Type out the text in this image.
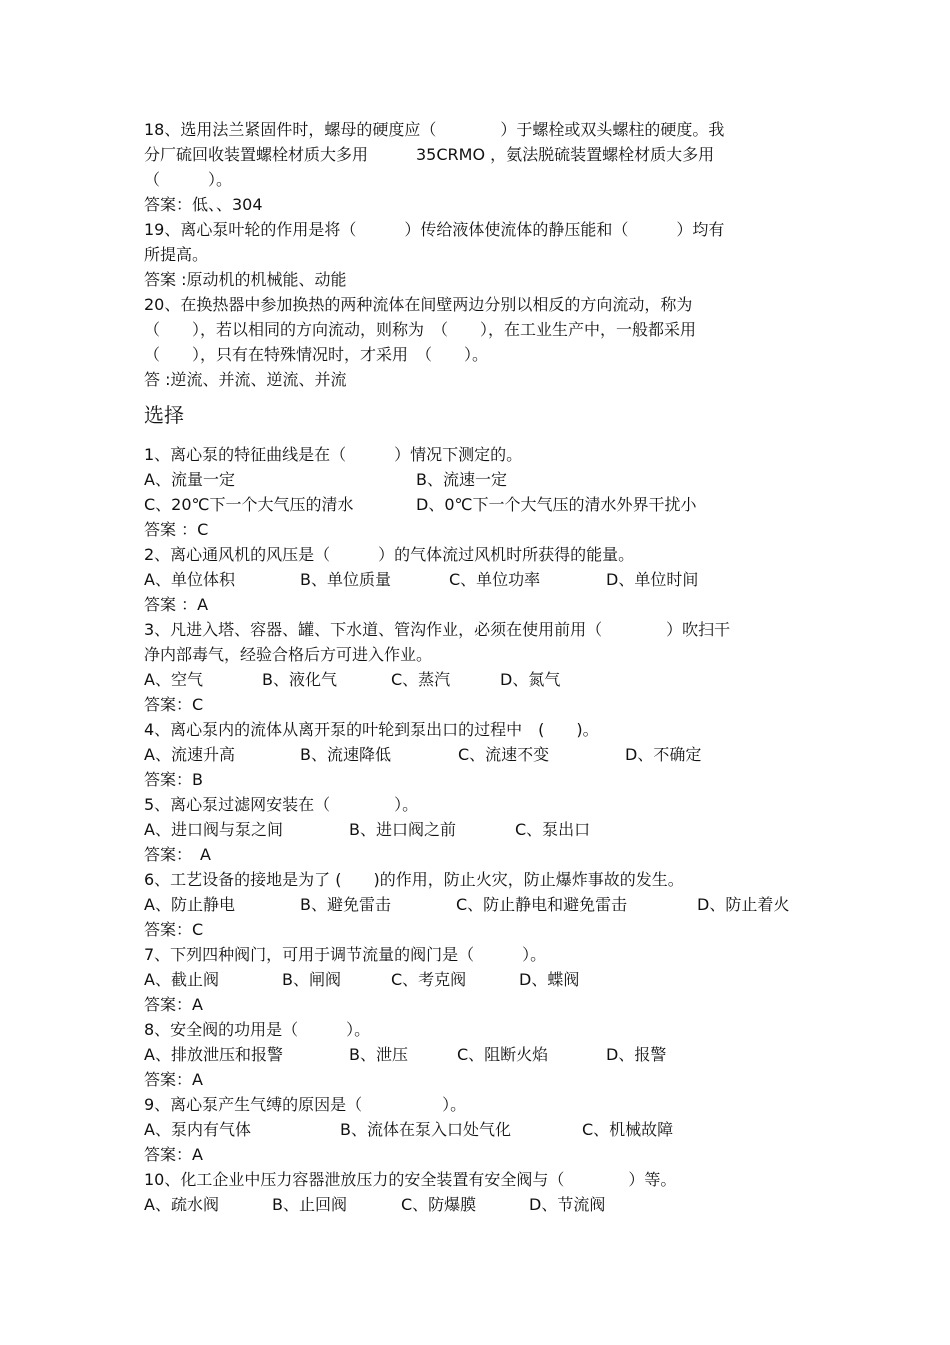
18、选用法兰紧固件时，螺母的硬度应（　　　　）于螺栓或双头螺柱的硬度。我
分厂硫回收装置螺栓材质大多用　　　35CRMO ，氨法脱硫装置螺栓材质大多用
（　　　）。
答案：低、、304
19、离心泵叶轮的作用是将（　　　）传给液体使流体的静压能和（　　　）均有
所提高。
答案 :原动机的机械能、动能
20、在换热器中参加换热的两种流体在间壁两边分别以相反的方向流动，称为
（　　），若以相同的方向流动，则称为　（　　），在工业生产中，一般都采用
（　　），只有在特殊情况时，才采用　（　　）。
答 :逆流、并流、逆流、并流
选择
1、离心泵的特征曲线是在（　　　）情况下测定的。
A、流量一定	B、流速一定
C、20℃下一个大气压的清水	D、0℃下一个大气压的清水外界干扰小
答案 ：C
2、离心通风机的风压是（　　　）的气体流过风机时所获得的能量。
A、单位体积	B、单位质量	C、单位功率	D、单位时间
答案 ：A
3、凡进入塔、容器、罐、下水道、管沟作业，必须在使用前用（　　　　）吹扫干
净内部毒气，经验合格后方可进入作业。
A、空气	B、液化气	C、蒸汽	D、氮气
答案：C
4、离心泵内的流体从离开泵的叶轮到泵出口的过程中　(　　)。
A、流速升高	B、流速降低	C、流速不变	D、不确定
答案：B
5、离心泵过滤网安装在（　　　　）。
A、进口阀与泵之间	B、进口阀之前	C、泵出口
答案：　A
6、工艺设备的接地是为了 (　　)的作用，防止火灾，防止爆炸事故的发生。
A、防止静电	B、避免雷击	C、防止静电和避免雷击	D、防止着火
答案：C
7、下列四种阀门，可用于调节流量的阀门是（　　　）。
A、截止阀	B、闸阀	C、考克阀	D、蝶阀
答案：A
8、安全阀的功用是（　　　）。
A、排放泄压和报警	B、泄压	C、阻断火焰	D、报警
答案：A
9、离心泵产生气缚的原因是（　　　　　）。
A、泵内有气体	B、流体在泵入口处气化	C、机械故障
答案：A
10、化工企业中压力容器泄放压力的安全装置有安全阀与（　　　　）等。
A、疏水阀	B、止回阀	C、防爆膜	D、节流阀
